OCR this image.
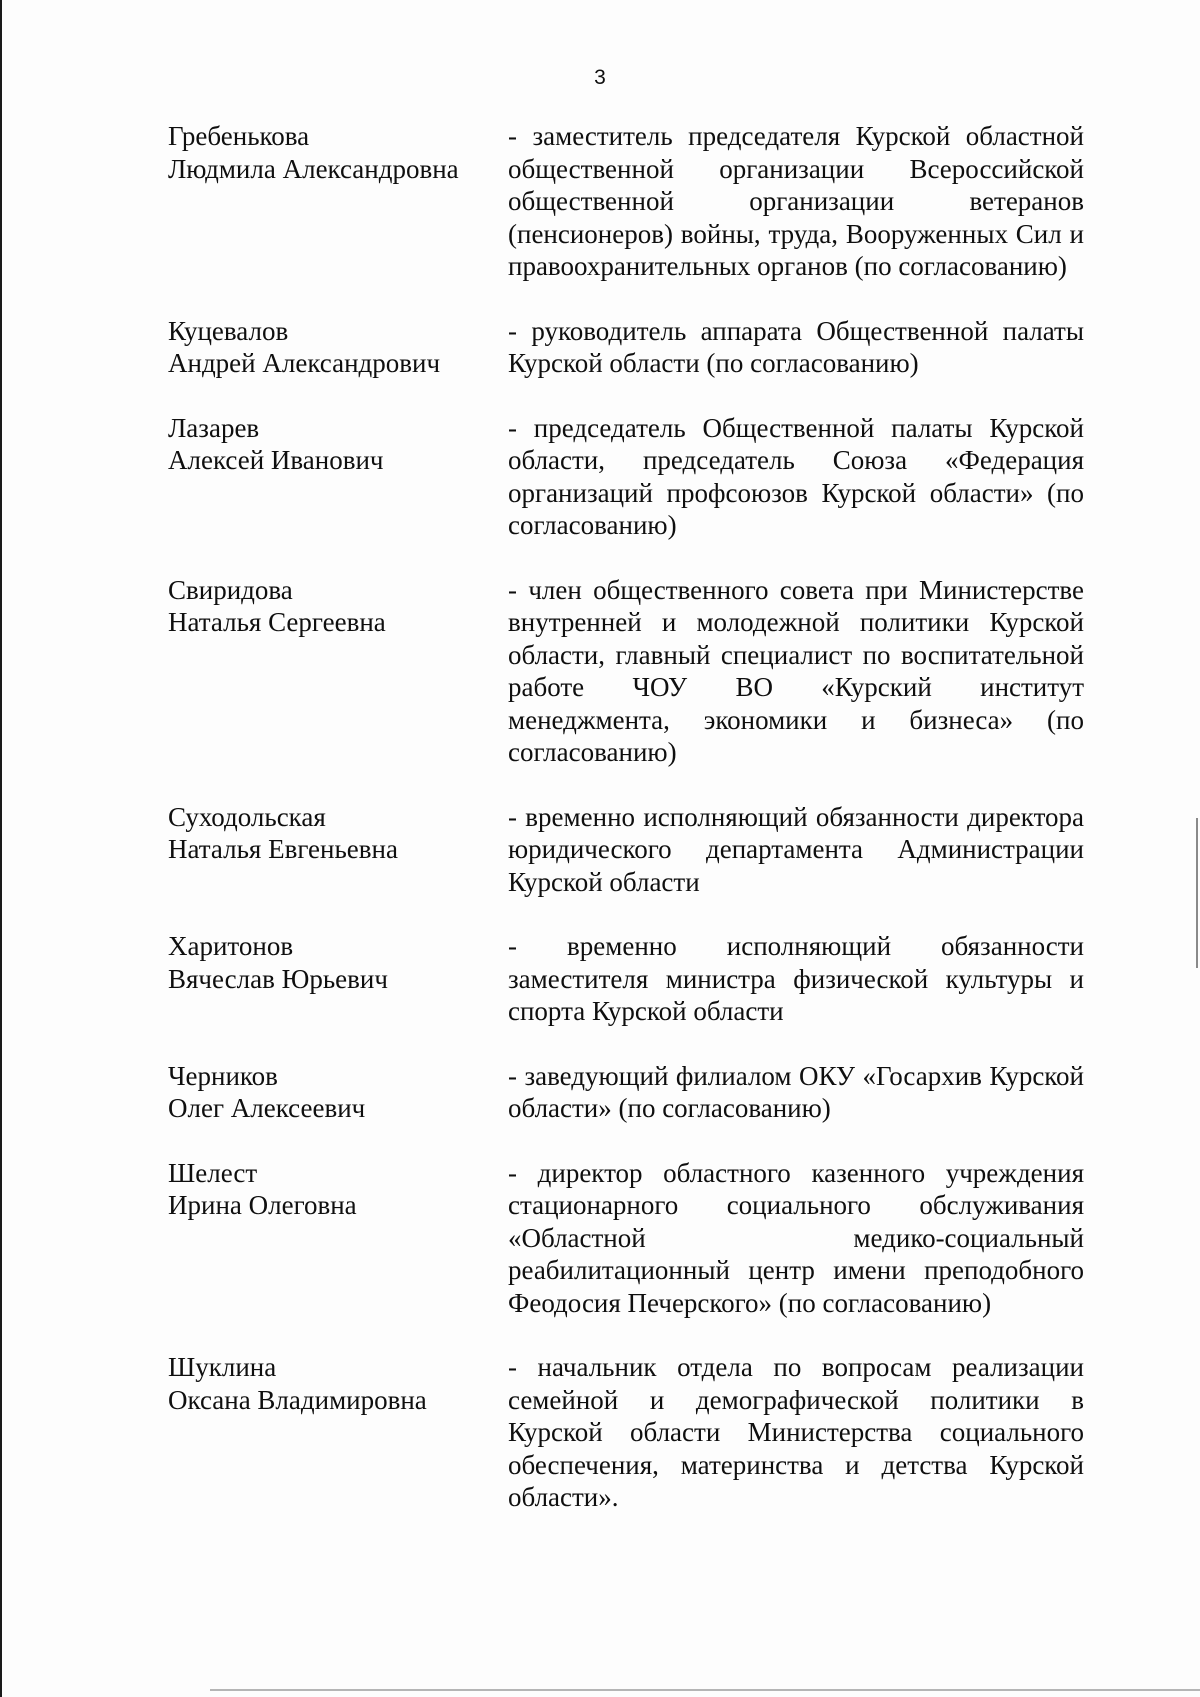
3
Гребенькова
Людмила Александровна
- заместитель председателя Курской областной общественной организации Всероссийской общественной организации ветеранов (пенсионеров) войны, труда, Вооруженных Сил и правоохранительных органов (по согласованию)
Куцевалов
Андрей Александрович
- руководитель аппарата Общественной палаты Курской области (по согласованию)
Лазарев
Алексей Иванович
- председатель Общественной палаты Курской области, председатель Союза «Федерация организаций профсоюзов Курской области» (по согласованию)
Свиридова
Наталья Сергеевна
- член общественного совета при Министерстве внутренней и молодежной политики Курской области, главный специалист по воспитательной работе ЧОУ ВО «Курский институт менеджмента, экономики и бизнеса» (по согласованию)
Суходольская
Наталья Евгеньевна
- временно исполняющий обязанности директора юридического департамента Администрации Курской области
Харитонов
Вячеслав Юрьевич
- временно исполняющий обязанности заместителя министра физической культуры и спорта Курской области
Черников
Олег Алексеевич
- заведующий филиалом ОКУ «Госархив Курской области» (по согласованию)
Шелест
Ирина Олеговна
- директор областного казенного учреждения стационарного социального обслуживания «Областной медико-социальный реабилитационный центр имени преподобного Феодосия Печерского» (по согласованию)
Шуклина
Оксана Владимировна
- начальник отдела по вопросам реализации семейной и демографической политики в Курской области Министерства социального обеспечения, материнства и детства Курской области».
